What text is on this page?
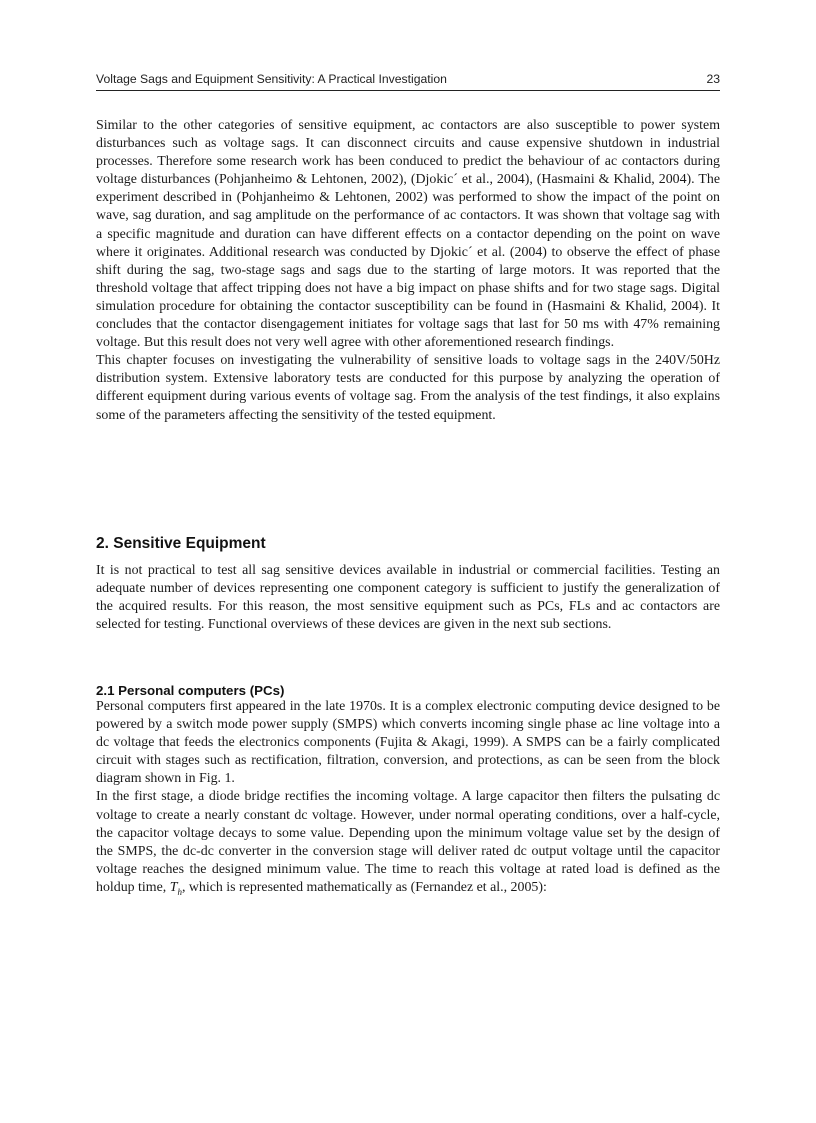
Voltage Sags and Equipment Sensitivity: A Practical Investigation	23

Similar to the other categories of sensitive equipment, ac contactors are also susceptible to power system disturbances such as voltage sags. It can disconnect circuits and cause expensive shutdown in industrial processes. Therefore some research work has been conduced to predict the behaviour of ac contactors during voltage disturbances (Pohjanheimo & Lehtonen, 2002), (Djokic´ et al., 2004), (Hasmaini & Khalid, 2004). The experiment described in (Pohjanheimo & Lehtonen, 2002) was performed to show the impact of the point on wave, sag duration, and sag amplitude on the performance of ac contactors. It was shown that voltage sag with a specific magnitude and duration can have different effects on a contactor depending on the point on wave where it originates. Additional research was conducted by Djokic´ et al. (2004) to observe the effect of phase shift during the sag, two-stage sags and sags due to the starting of large motors. It was reported that the threshold voltage that affect tripping does not have a big impact on phase shifts and for two stage sags. Digital simulation procedure for obtaining the contactor susceptibility can be found in (Hasmaini & Khalid, 2004). It concludes that the contactor disengagement initiates for voltage sags that last for 50 ms with 47% remaining voltage. But this result does not very well agree with other aforementioned research findings.

This chapter focuses on investigating the vulnerability of sensitive loads to voltage sags in the 240V/50Hz distribution system. Extensive laboratory tests are conducted for this purpose by analyzing the operation of different equipment during various events of voltage sag. From the analysis of the test findings, it also explains some of the parameters affecting the sensitivity of the tested equipment.

2. Sensitive Equipment

It is not practical to test all sag sensitive devices available in industrial or commercial facilities. Testing an adequate number of devices representing one component category is sufficient to justify the generalization of the acquired results. For this reason, the most sensitive equipment such as PCs, FLs and ac contactors are selected for testing. Functional overviews of these devices are given in the next sub sections.

2.1 Personal computers (PCs)

Personal computers first appeared in the late 1970s. It is a complex electronic computing device designed to be powered by a switch mode power supply (SMPS) which converts incoming single phase ac line voltage into a dc voltage that feeds the electronics components (Fujita & Akagi, 1999). A SMPS can be a fairly complicated circuit with stages such as rectification, filtration, conversion, and protections, as can be seen from the block diagram shown in Fig. 1.

In the first stage, a diode bridge rectifies the incoming voltage. A large capacitor then filters the pulsating dc voltage to create a nearly constant dc voltage. However, under normal operating conditions, over a half-cycle, the capacitor voltage decays to some value. Depending upon the minimum voltage value set by the design of the SMPS, the dc-dc converter in the conversion stage will deliver rated dc output voltage until the capacitor voltage reaches the designed minimum value. The time to reach this voltage at rated load is defined as the holdup time, $T_h$, which is represented mathematically as (Fernandez et al., 2005):
